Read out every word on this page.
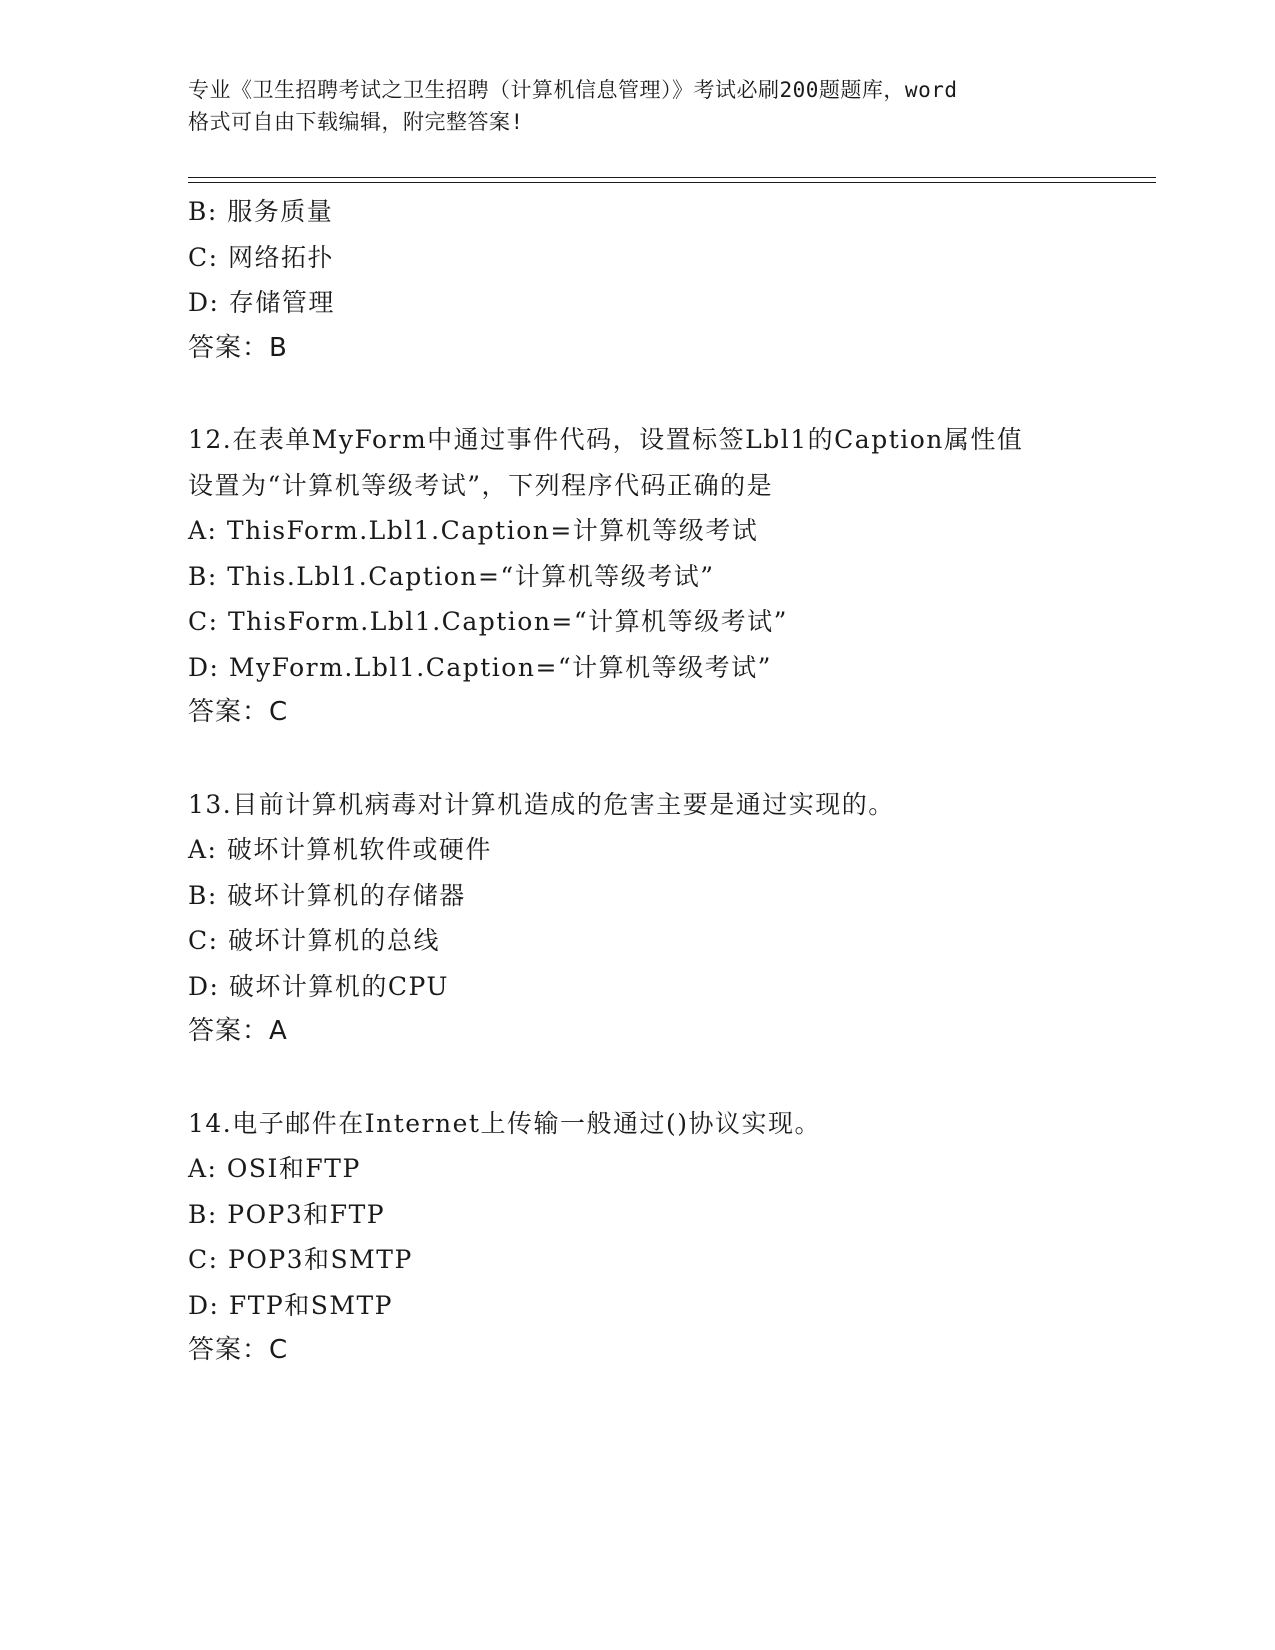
专业《卫生招聘考试之卫生招聘（计算机信息管理）》考试必刷200题题库，word
格式可自由下载编辑，附完整答案!
B: 服务质量
C: 网络拓扑
D: 存储管理
答案：B
12.在表单MyForm中通过事件代码，设置标签Lbl1的Caption属性值
设置为“计算机等级考试”，下列程序代码正确的是
A: ThisForm.Lbl1.Caption=计算机等级考试
B: This.Lbl1.Caption=“计算机等级考试”
C: ThisForm.Lbl1.Caption=“计算机等级考试”
D: MyForm.Lbl1.Caption=“计算机等级考试”
答案：C
13.目前计算机病毒对计算机造成的危害主要是通过实现的。
A: 破坏计算机软件或硬件
B: 破坏计算机的存储器
C: 破坏计算机的总线
D: 破坏计算机的CPU
答案：A
14.电子邮件在Internet上传输一般通过()协议实现。
A: OSI和FTP
B: POP3和FTP
C: POP3和SMTP
D: FTP和SMTP
答案：C
